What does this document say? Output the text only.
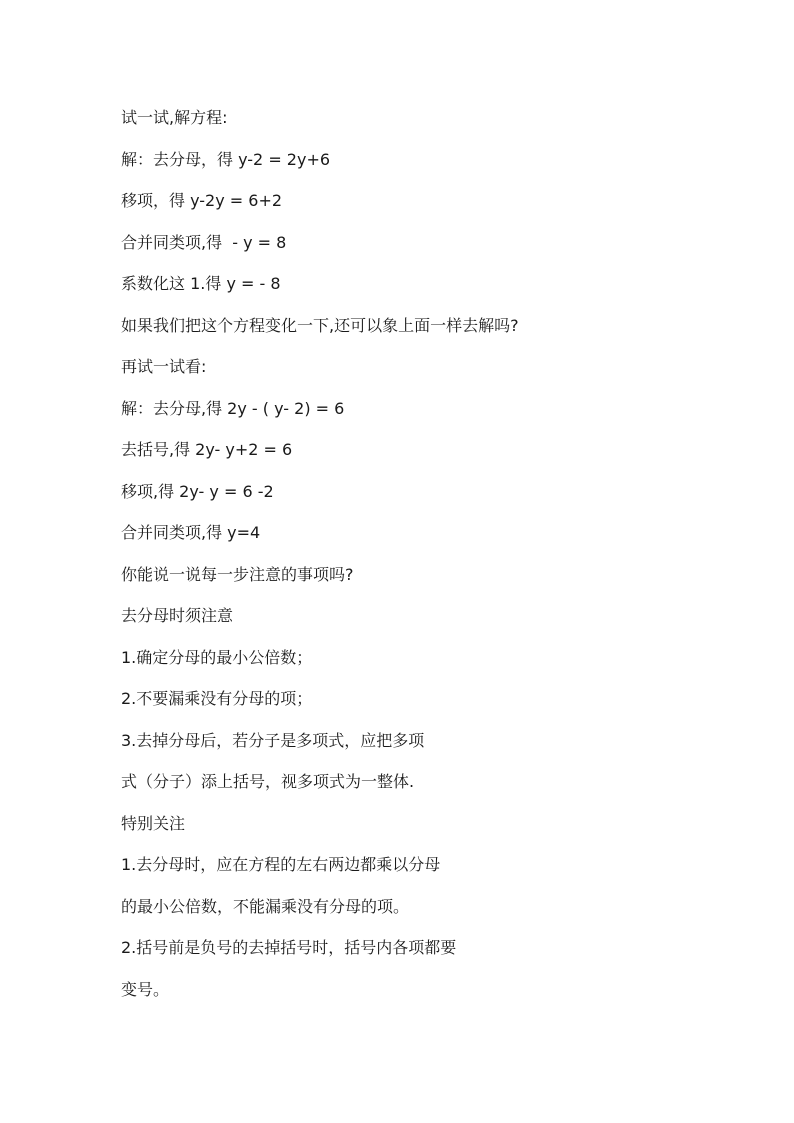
试一试,解方程:
解：去分母，得 y-2 = 2y+6
移项，得 y-2y = 6+2
合并同类项,得  - y = 8
系数化这 1.得 y = - 8
如果我们把这个方程变化一下,还可以象上面一样去解吗?
再试一试看:
解：去分母,得 2y - ( y- 2) = 6
去括号,得 2y- y+2 = 6
移项,得 2y- y = 6 -2
合并同类项,得 y=4
你能说一说每一步注意的事项吗?
去分母时须注意
1.确定分母的最小公倍数；
2.不要漏乘没有分母的项；
3.去掉分母后，若分子是多项式，应把多项
式（分子）添上括号，视多项式为一整体.
特别关注
1.去分母时，应在方程的左右两边都乘以分母
的最小公倍数，不能漏乘没有分母的项。
2.括号前是负号的去掉括号时，括号内各项都要
变号。
